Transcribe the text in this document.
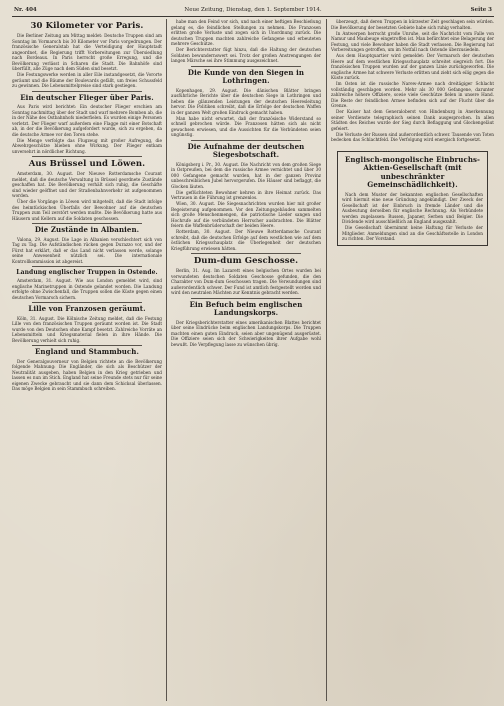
Nr. 404	Neue Zeitung, Dienstag, den 1. September 1914.	Seite 3
30 Kilometer vor Paris.

Die Berliner Zeitung am Mittag meldet: Deutsche Truppen sind am Sonntag im Vormarsch bis 30 Kilometer vor Paris vorgedrungen. Der französische Generalstab hat die Verteidigung der Hauptstadt angeordnet, die Regierung trifft Vorbereitungen zur Übersiedlung nach Bordeaux. In Paris herrscht große Erregung, und die Bevölkerung verlässt in Scharen die Stadt. Die Bahnhöfe sind überfüllt, alle Züge nach dem Süden sind besetzt.

Die Festungswerke werden in aller Eile instandgesetzt, die Vororte geräumt und die Bäume der Boulevards gefällt, um freies Schussfeld zu gewinnen. Die Lebensmittelpreise sind stark gestiegen.

Ein deutscher Flieger über Paris.

Aus Paris wird berichtet: Ein deutscher Flieger erschien am Sonntag nachmittag über der Stadt und warf mehrere Bomben ab, die in der Nähe des Ostbahnhofs niederfielen. Es wurden einige Personen verletzt. Der Flieger warf außerdem eine Flagge mit einer Botschaft ab, in der die Bevölkerung aufgefordert wurde, sich zu ergeben, da die deutsche Armee vor den Toren stehe.

Die Menge verfolgte das Flugzeug mit großer Aufregung, die Abwehrgeschütze blieben ohne Wirkung. Der Flieger entkam unversehrt in nördlicher Richtung.

Aus Brüssel und Löwen.

Amsterdam, 30. August. Der Nieuwe Rotterdamsche Courant meldet, daß die deutsche Verwaltung in Brüssel geordnete Zustände geschaffen hat. Die Bevölkerung verhält sich ruhig, die Geschäfte sind wieder geöffnet und der Straßenbahnverkehr ist aufgenommen worden.

Über die Vorgänge in Löwen wird mitgeteilt, daß die Stadt infolge des heimtückischen Überfalls der Bewohner auf die deutschen Truppen zum Teil zerstört werden mußte. Die Bevölkerung hatte aus Häusern und Kellern auf die Soldaten geschossen.

Die Zustände in Albanien.

Valona, 29. August. Die Lage in Albanien verschlechtert sich von Tag zu Tag. Die Aufständischen rücken gegen Durazzo vor, und der Fürst hat erklärt, daß er das Land nicht verlassen werde, solange seine Anwesenheit nützlich sei. Die internationale Kontrollkommission ist abgereist.

Landung englischer Truppen in Ostende.

Amsterdam, 31. August. Wie aus London gemeldet wird, sind englische Marinetruppen in Ostende gelandet worden. Die Landung erfolgte ohne Zwischenfall, die Truppen sollen die Küste gegen einen deutschen Vormarsch sichern.

Lille von Franzosen geräumt.

Köln, 31. August. Die Kölnische Zeitung meldet, daß die Festung Lille von den französischen Truppen geräumt worden ist. Die Stadt wurde von den Deutschen ohne Kampf besetzt. Zahlreiche Vorräte an Lebensmitteln und Kriegsmaterial fielen in ihre Hände. Die Bevölkerung verhielt sich ruhig.

England und Stammbuch.

Der Generalgouverneur von Belgien richtete an die Bevölkerung folgende Mahnung: Die Engländer, die sich als Beschützer der Neutralität ausgeben, haben Belgien in den Krieg getrieben und lassen es nun im Stich. England hat seine Freunde stets nur für seine eigenen Zwecke gebraucht und sie dann dem Schicksal überlassen. Das möge Belgien in sein Stammbuch schreiben.

habe man den Feind vor sich, und nach einer heftigen Beschießung gelang es, die feindlichen Stellungen zu nehmen. Die Franzosen erlitten große Verluste und zogen sich in Unordnung zurück. Die deutschen Truppen machten zahlreiche Gefangene und erbeuteten mehrere Geschütze.

Der Berichterstatter fügt hinzu, daß die Haltung der deutschen Soldaten bewundernswert sei. Trotz der großen Anstrengungen der langen Märsche sei ihre Stimmung ausgezeichnet.

Die Kunde von den Siegen in Lothringen.

Kopenhagen, 29. August. Die dänischen Blätter bringen ausführliche Berichte über die deutschen Siege in Lothringen und heben die glänzenden Leistungen der deutschen Heeresleitung hervor. Die Politiken schreibt, daß die Erfolge der deutschen Waffen in der ganzen Welt großen Eindruck gemacht haben.

Man habe nicht erwartet, daß der französische Widerstand so schnell gebrochen würde. Die Franzosen hätten sich als nicht gewachsen erwiesen, und die Aussichten für die Verbündeten seien ungünstig.

Die Aufnahme der deutschen Siegesbotschaft.

Königsberg i. Pr., 30. August. Die Nachricht von dem großen Siege in Ostpreußen, bei dem die russische Armee vernichtet und über 30 000 Gefangene gemacht wurden, hat in der ganzen Provinz unbeschreiblichen Jubel hervorgerufen. Die Häuser sind beflaggt, die Glocken läuten.

Die geflüchteten Bewohner kehren in ihre Heimat zurück. Das Vertrauen in die Führung ist grenzenlos.

Wien, 30. August. Die Siegesnachrichten wurden hier mit großer Begeisterung aufgenommen. Vor den Zeitungsgebäuden sammelten sich große Menschenmengen, die patriotische Lieder sangen und Hochrufe auf die verbündeten Herrscher ausbrachten. Die Blätter feiern die Waffenbrüderschaft der beiden Heere.

Rotterdam, 30. August. Der Nieuwe Rotterdamsche Courant schreibt, daß die deutschen Erfolge auf dem westlichen wie auf dem östlichen Kriegsschauplatz die Überlegenheit der deutschen Kriegführung erwiesen hätten.

Dum-dum Geschosse.

Berlin, 31. Aug. Im Lazarett eines belgischen Ortes wurden bei verwundeten deutschen Soldaten Geschosse gefunden, die den Charakter von Dum-dum Geschossen tragen. Die Verwundungen sind außerordentlich schwer. Der Fund ist amtlich festgestellt worden und wird den neutralen Mächten zur Kenntnis gebracht werden.

Ein Befuch beim englischen Landungskorps.

Der Kriegsberichterstatter eines amerikanischen Blattes berichtet über seine Eindrücke beim englischen Landungskorps. Die Truppen machten einen guten Eindruck, seien aber ungenügend ausgerüstet. Die Offiziere seien sich der Schwierigkeiten ihrer Aufgabe wohl bewußt. Die Verpflegung lasse zu wünschen übrig.

überzeugt, daß deren Truppen in kürzester Zeit geschlagen sein würden. Die Bevölkerung der besetzten Gebiete habe sich ruhig verhalten.

In Antwerpen herrscht große Unruhe, seit die Nachricht vom Falle von Namur und Maubeuge eingetroffen ist. Man befürchtet eine Belagerung der Festung, und viele Bewohner haben die Stadt verlassen. Die Regierung hat Vorbereitungen getroffen, um im Notfall nach Ostende überzusiedeln.

Aus dem Hauptquartier wird gemeldet: Der Vormarsch der deutschen Heere auf dem westlichen Kriegsschauplatz schreitet siegreich fort. Die französischen Truppen wurden auf der ganzen Linie zurückgeworfen. Die englische Armee hat schwere Verluste erlitten und zieht sich eilig gegen die Küste zurück.

Im Osten ist die russische Narew-Armee nach dreitägiger Schlacht vollständig geschlagen worden. Mehr als 30 000 Gefangene, darunter zahlreiche höhere Offiziere, sowie viele Geschütze fielen in unsere Hand. Die Reste der feindlichen Armee befinden sich auf der Flucht über die Grenze.

Der Kaiser hat dem Generaloberst von Hindenburg in Anerkennung seiner Verdienste telegraphisch seinen Dank ausgesprochen. In allen Städten des Reiches wurde der Sieg durch Beflaggung und Glockengeläut gefeiert.

Die Verluste der Russen sind außerordentlich schwer. Tausende von Toten bedecken das Schlachtfeld. Die Verfolgung wird energisch fortgesetzt.

Englisch-mongolische Einbruchs-Aktien-Gesellschaft (mit unbeschränkter Gemeinschädlichkeit).

Nach dem Muster der bekannten englischen Gesellschaften wird hiermit eine neue Gründung angekündigt. Der Zweck der Gesellschaft ist der Einbruch in fremde Länder und die Ausbeutung derselben für englische Rechnung. Als Verbündete werden zugelassen: Russen, Japaner, Serben und Belgier. Die Dividende wird ausschließlich an England ausgezahlt.

Die Gesellschaft übernimmt keine Haftung für Verluste der Mitglieder. Anmeldungen sind an die Geschäftsstelle in London zu richten. Der Vorstand.
